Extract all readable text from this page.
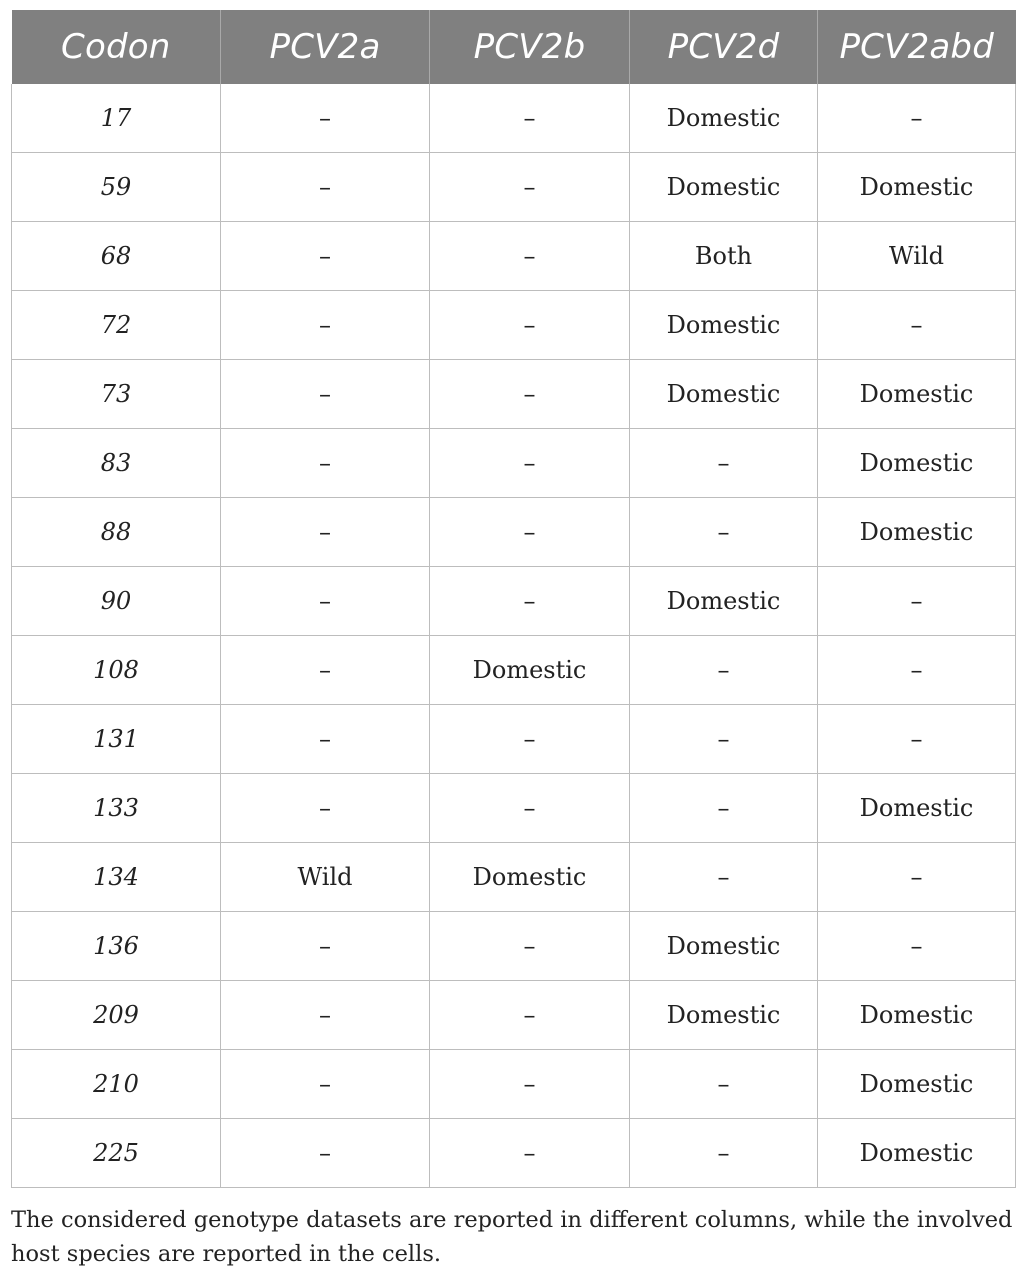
Codon	PCV2a	PCV2b	PCV2d	PCV2abd
17	–	–	Domestic	–
59	–	–	Domestic	Domestic
68	–	–	Both	Wild
72	–	–	Domestic	–
73	–	–	Domestic	Domestic
83	–	–	–	Domestic
88	–	–	–	Domestic
90	–	–	Domestic	–
108	–	Domestic	–	–
131	–	–	–	–
133	–	–	–	Domestic
134	Wild	Domestic	–	–
136	–	–	Domestic	–
209	–	–	Domestic	Domestic
210	–	–	–	Domestic
225	–	–	–	Domestic

The considered genotype datasets are reported in different columns, while the involved host species are reported in the cells.
